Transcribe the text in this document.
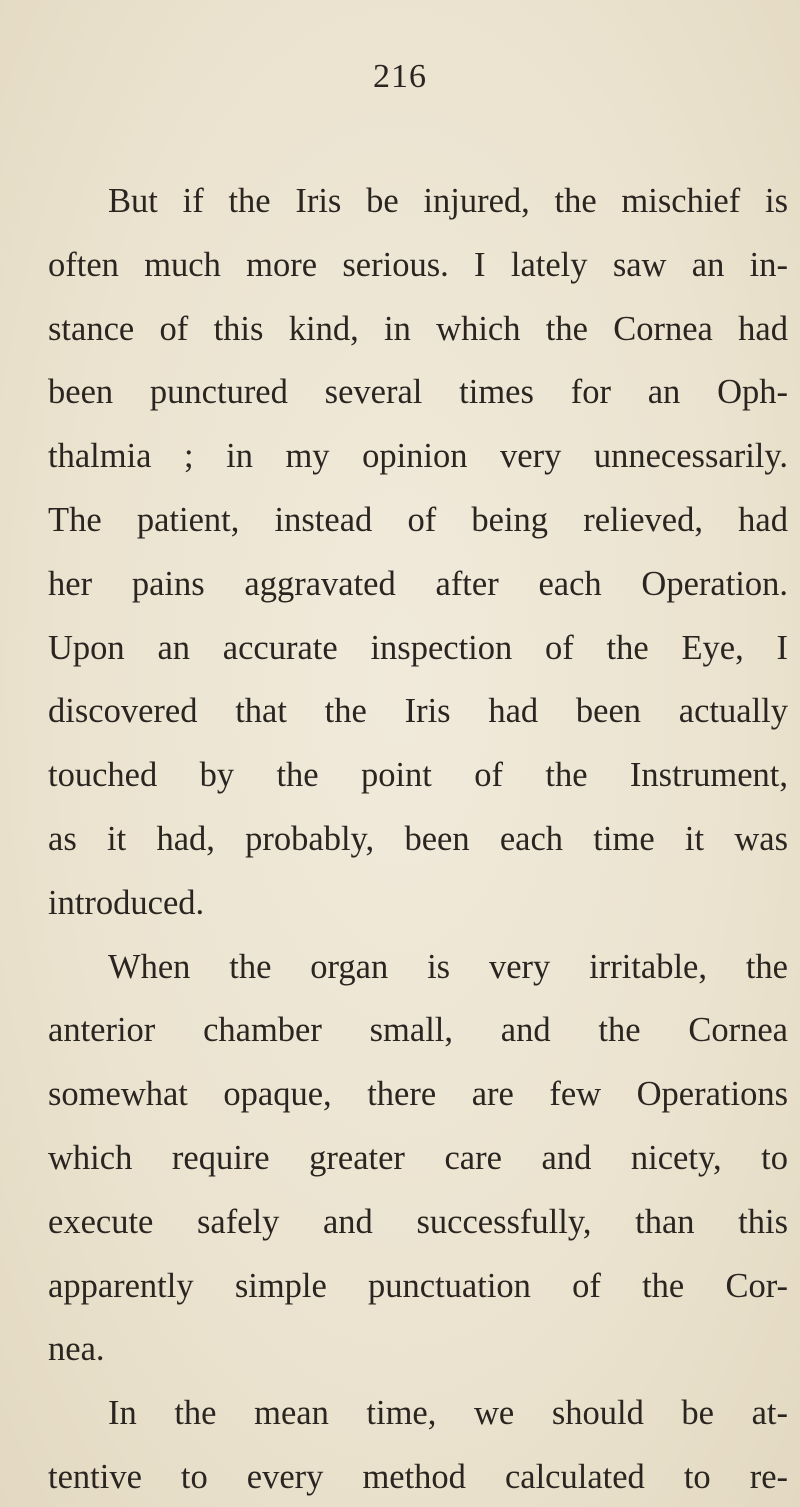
216
But if the Iris be injured, the mischief is
often much more serious. I lately saw an in-
stance of this kind, in which the Cornea had
been punctured several times for an Oph-
thalmia ; in my opinion very unnecessarily.
The patient, instead of being relieved, had
her pains aggravated after each Operation.
Upon an accurate inspection of the Eye, I
discovered that the Iris had been actually
touched by the point of the Instrument,
as it had, probably, been each time it was
introduced.
When the organ is very irritable, the
anterior chamber small, and the Cornea
somewhat opaque, there are few Operations
which require greater care and nicety, to
execute safely and successfully, than this
apparently simple punctuation of the Cor-
nea.
In the mean time, we should be at-
tentive to every method calculated to re-
